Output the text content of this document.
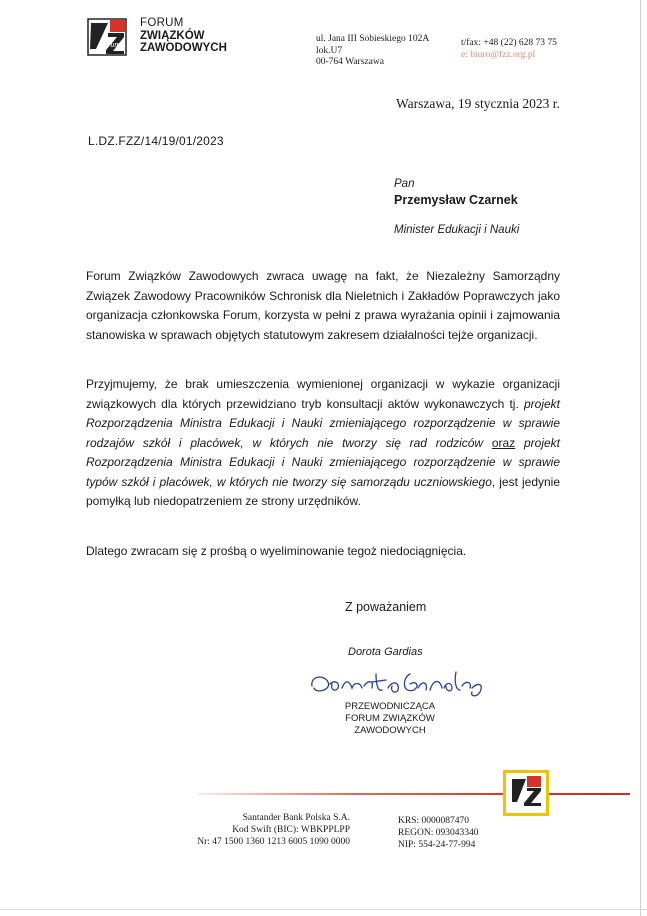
forum
FORUM
ZWIĄZKÓW
ZAWODOWYCH
ul. Jana III Sobieskiego 102A
lok.U7
00-764 Warszawa
t/fax: +48 (22) 628 73 75
e: biuro@fzz.org.pl
Warszawa, 19 stycznia 2023 r.
L.DZ.FZZ/14/19/01/2023
Pan
Przemysław Czarnek
Minister Edukacji i Nauki
Forum Związków Zawodowych zwraca uwagę na fakt, że Niezależny Samorządny Związek Zawodowy Pracowników Schronisk dla Nieletnich i Zakładów Poprawczych jako organizacja członkowska Forum, korzysta w pełni z prawa wyrażania opinii i zajmowania stanowiska w sprawach objętych statutowym zakresem działalności tejże organizacji.
Przyjmujemy, że brak umieszczenia wymienionej organizacji w wykazie organizacji związkowych dla których przewidziano tryb konsultacji aktów wykonawczych tj. projekt Rozporządzenia Ministra Edukacji i Nauki zmieniającego rozporządzenie w sprawie rodzajów szkół i placówek, w których nie tworzy się rad rodziców oraz projekt Rozporządzenia Ministra Edukacji i Nauki zmieniającego rozporządzenie w sprawie typów szkół i placówek, w których nie tworzy się samorządu uczniowskiego, jest jedynie pomyłką lub niedopatrzeniem ze strony urzędników.
Dlatego zwracam się z prośbą o wyeliminowanie tegoż niedociągnięcia.
Z poważaniem
Dorota Gardias
PRZEWODNICZĄCA
FORUM ZWIĄZKÓW ZAWODOWYCH
Santander Bank Polska S.A.
Kod Swift (BIC): WBKPPLPP
Nr: 47 1500 1360 1213 6005 1090 0000
KRS: 0000087470
REGON: 093043340
NIP: 554-24-77-994
